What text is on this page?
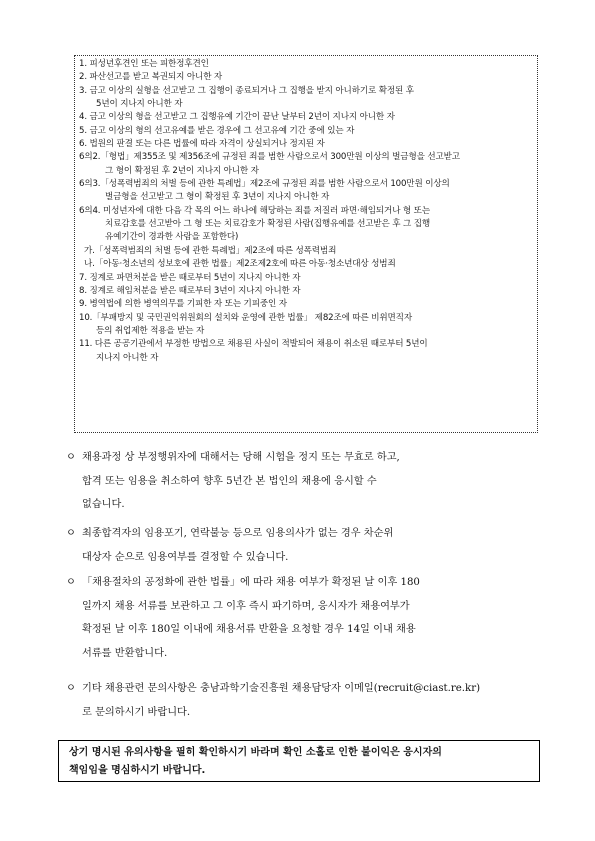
1. 피성년후견인 또는 피한정후견인
2. 파산선고를 받고 복권되지 아니한 자
3. 금고 이상의 실형을 선고받고 그 집행이 종료되거나 그 집행을 받지 아니하기로 확정된 후
5년이 지나지 아니한 자
4. 금고 이상의 형을 선고받고 그 집행유예 기간이 끝난 날부터 2년이 지나지 아니한 자
5. 금고 이상의 형의 선고유예를 받은 경우에 그 선고유예 기간 중에 있는 자
6. 법원의 판결 또는 다른 법률에 따라 자격이 상실되거나 정지된 자
6의2.「형법」제355조 및 제356조에 규정된 죄를 범한 사람으로서 300만원 이상의 벌금형을 선고받고
그 형이 확정된 후 2년이 지나지 아니한 자
6의3.「성폭력범죄의 처벌 등에 관한 특례법」제2조에 규정된 죄를 범한 사람으로서 100만원 이상의
벌금형을 선고받고 그 형이 확정된 후 3년이 지나지 아니한 자
6의4. 미성년자에 대한 다음 각 목의 어느 하나에 해당하는 죄를 저질러 파면·해임되거나 형 또는
치료감호를 선고받아 그 형 또는 치료감호가 확정된 사람(집행유예를 선고받은 후 그 집행
유예기간이 경과한 사람을 포함한다)
가.「성폭력범죄의 처벌 등에 관한 특례법」제2조에 따른 성폭력범죄
나.「아동·청소년의 성보호에 관한 법률」제2조제2호에 따른 아동·청소년대상 성범죄
7. 징계로 파면처분을 받은 때로부터 5년이 지나지 아니한 자
8. 징계로 해임처분을 받은 때로부터 3년이 지나지 아니한 자
9. 병역법에 의한 병역의무를 기피한 자 또는 기피중인 자
10.「부패방지 및 국민권익위원회의 설치와 운영에 관한 법률」 제82조에 따른 비위면직자
등의 취업제한 적용을 받는 자
11. 다른 공공기관에서 부정한 방법으로 채용된 사실이 적발되어 채용이 취소된 때로부터 5년이
지나지 아니한 자
ㅇ 채용과정 상 부정행위자에 대해서는 당해 시험을 정지 또는 무효로 하고,
합격 또는 임용을 취소하여 향후 5년간 본 법인의 채용에 응시할 수
없습니다.
ㅇ 최종합격자의 임용포기, 연락불능 등으로 임용의사가 없는 경우 차순위
대상자 순으로 임용여부를 결정할 수 있습니다.
ㅇ 「채용절차의 공정화에 관한 법률」에 따라 채용 여부가 확정된 날 이후 180
일까지 채용 서류를 보관하고 그 이후 즉시 파기하며, 응시자가 채용여부가
확정된 날 이후 180일 이내에 채용서류 반환을 요청할 경우 14일 이내 채용
서류를 반환합니다.
ㅇ 기타 채용관련 문의사항은 충남과학기술진흥원 채용담당자 이메일(recruit@ciast.re.kr)
로 문의하시기 바랍니다.
상기 명시된 유의사항을 필히 확인하시기 바라며 확인 소홀로 인한 불이익은 응시자의
책임임을 명심하시기 바랍니다.
